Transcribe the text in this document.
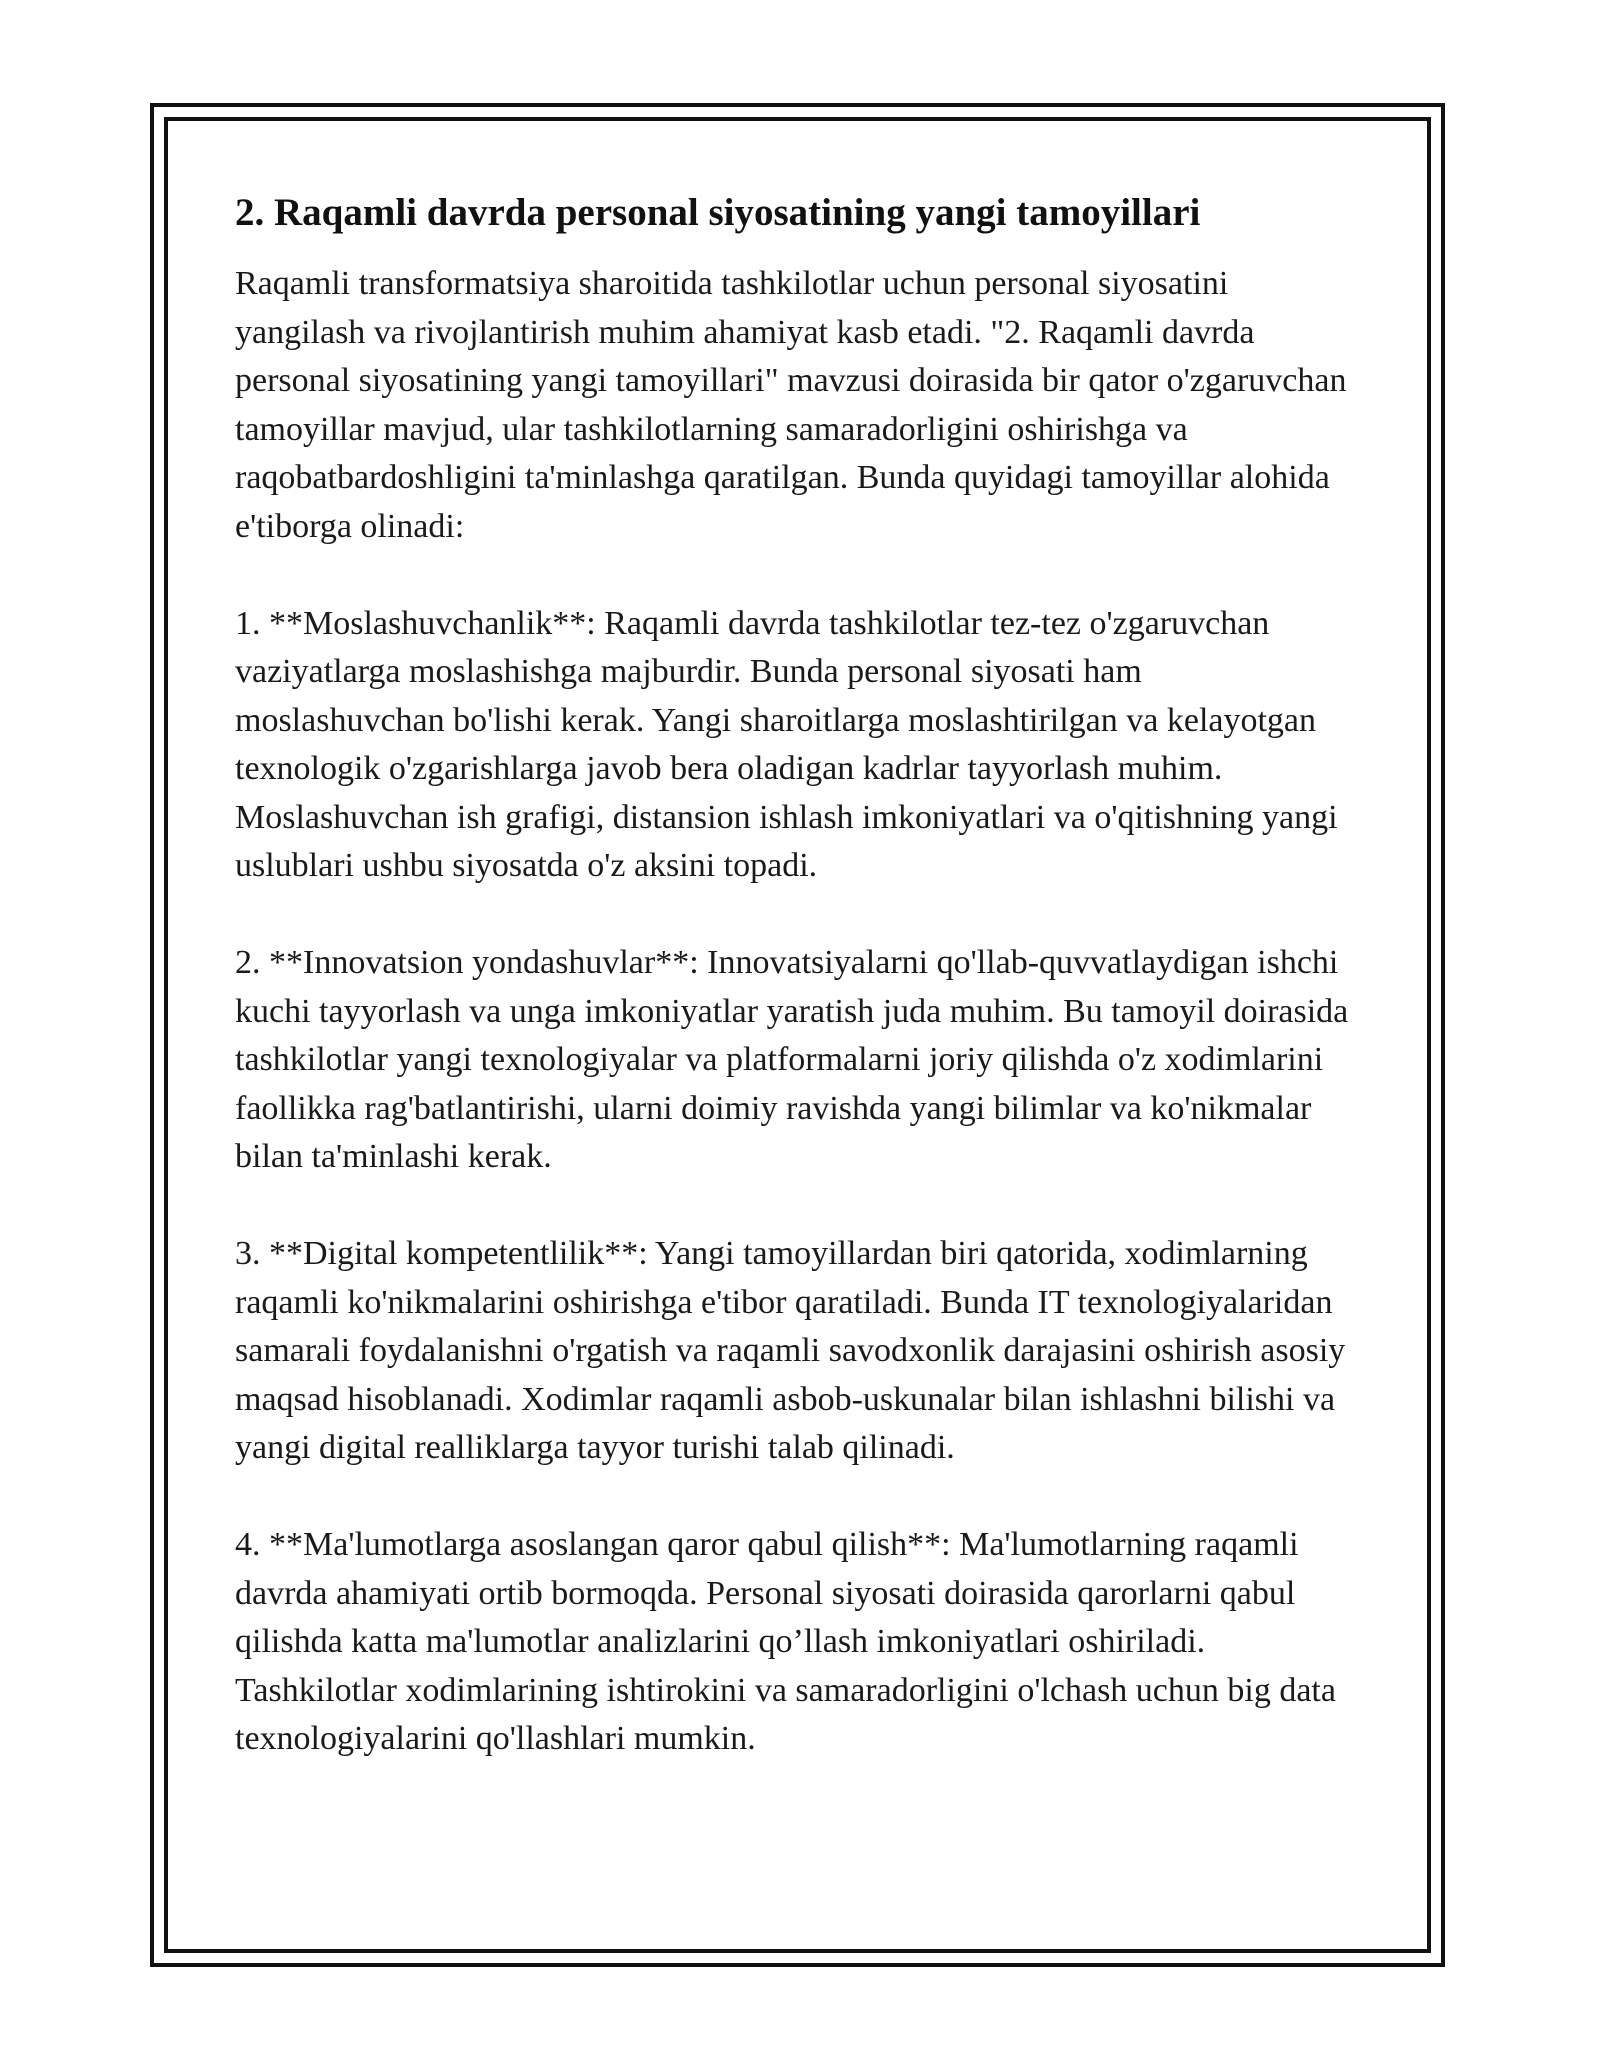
2. Raqamli davrda personal siyosatining yangi tamoyillari

Raqamli transformatsiya sharoitida tashkilotlar uchun personal siyosatini yangilash va rivojlantirish muhim ahamiyat kasb etadi. "2. Raqamli davrda personal siyosatining yangi tamoyillari" mavzusi doirasida bir qator o'zgaruvchan tamoyillar mavjud, ular tashkilotlarning samaradorligini oshirishga va raqobatbardoshligini ta'minlashga qaratilgan. Bunda quyidagi tamoyillar alohida e'tiborga olinadi:

1. **Moslashuvchanlik**: Raqamli davrda tashkilotlar tez-tez o'zgaruvchan vaziyatlarga moslashishga majburdir. Bunda personal siyosati ham moslashuvchan bo'lishi kerak. Yangi sharoitlarga moslashtirilgan va kelayotgan texnologik o'zgarishlarga javob bera oladigan kadrlar tayyorlash muhim. Moslashuvchan ish grafigi, distansion ishlash imkoniyatlari va o'qitishning yangi uslublari ushbu siyosatda o'z aksini topadi.

2. **Innovatsion yondashuvlar**: Innovatsiyalarni qo'llab-quvvatlaydigan ishchi kuchi tayyorlash va unga imkoniyatlar yaratish juda muhim. Bu tamoyil doirasida tashkilotlar yangi texnologiyalar va platformalarni joriy qilishda o'z xodimlarini faollikka rag'batlantirishi, ularni doimiy ravishda yangi bilimlar va ko'nikmalar bilan ta'minlashi kerak.

3. **Digital kompetentlilik**: Yangi tamoyillardan biri qatorida, xodimlarning raqamli ko'nikmalarini oshirishga e'tibor qaratiladi. Bunda IT texnologiyalaridan samarali foydalanishni o'rgatish va raqamli savodxonlik darajasini oshirish asosiy maqsad hisoblanadi. Xodimlar raqamli asbob-uskunalar bilan ishlashni bilishi va yangi digital realliklarga tayyor turishi talab qilinadi.

4. **Ma'lumotlarga asoslangan qaror qabul qilish**: Ma'lumotlarning raqamli davrda ahamiyati ortib bormoqda. Personal siyosati doirasida qarorlarni qabul qilishda katta ma'lumotlar analizlarini qo’llash imkoniyatlari oshiriladi. Tashkilotlar xodimlarining ishtirokini va samaradorligini o'lchash uchun big data texnologiyalarini qo'llashlari mumkin.
